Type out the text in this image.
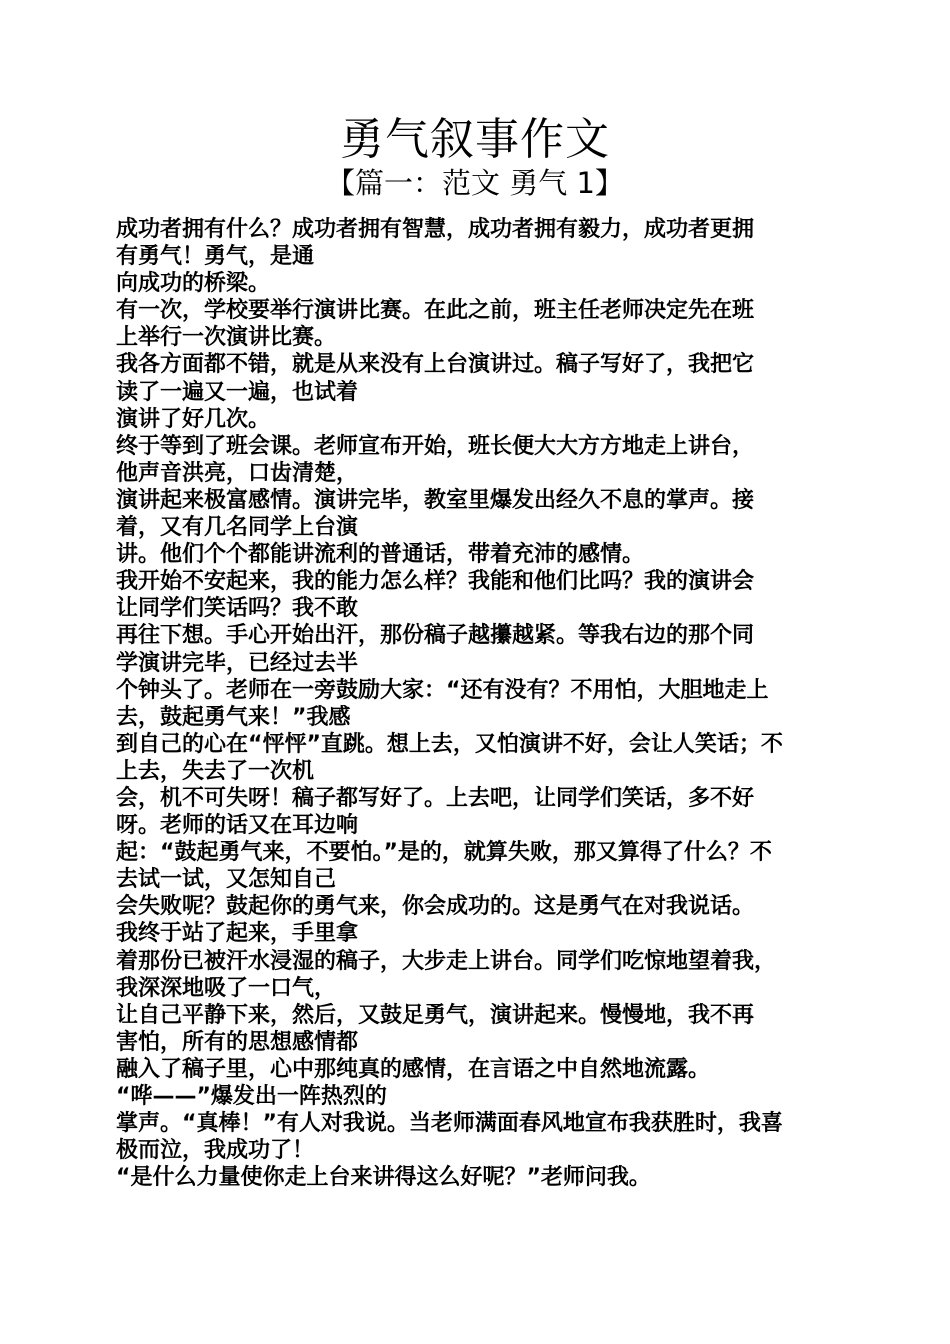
勇气叙事作文
【篇一：范文 勇气 1】
成功者拥有什么？成功者拥有智慧，成功者拥有毅力，成功者更拥
有勇气！勇气，是通
向成功的桥梁。
有一次，学校要举行演讲比赛。在此之前，班主任老师决定先在班
上举行一次演讲比赛。
我各方面都不错，就是从来没有上台演讲过。稿子写好了，我把它
读了一遍又一遍，也试着
演讲了好几次。
终于等到了班会课。老师宣布开始，班长便大大方方地走上讲台，
他声音洪亮，口齿清楚，
演讲起来极富感情。演讲完毕，教室里爆发出经久不息的掌声。接
着，又有几名同学上台演
讲。他们个个都能讲流利的普通话，带着充沛的感情。
我开始不安起来，我的能力怎么样？我能和他们比吗？我的演讲会
让同学们笑话吗？我不敢
再往下想。手心开始出汗，那份稿子越攥越紧。等我右边的那个同
学演讲完毕，已经过去半
个钟头了。老师在一旁鼓励大家：“还有没有？不用怕，大胆地走上
去，鼓起勇气来！”我感
到自己的心在“怦怦”直跳。想上去，又怕演讲不好，会让人笑话；不
上去，失去了一次机
会，机不可失呀！稿子都写好了。上去吧，让同学们笑话，多不好
呀。老师的话又在耳边响
起：“鼓起勇气来，不要怕。”是的，就算失败，那又算得了什么？不
去试一试，又怎知自己
会失败呢？鼓起你的勇气来，你会成功的。这是勇气在对我说话。
我终于站了起来，手里拿
着那份已被汗水浸湿的稿子，大步走上讲台。同学们吃惊地望着我，
我深深地吸了一口气，
让自己平静下来，然后，又鼓足勇气，演讲起来。慢慢地，我不再
害怕，所有的思想感情都
融入了稿子里，心中那纯真的感情，在言语之中自然地流露。
“哗——”爆发出一阵热烈的
掌声。“真棒！”有人对我说。当老师满面春风地宣布我获胜时，我喜
极而泣，我成功了！
“是什么力量使你走上台来讲得这么好呢？”老师问我。
